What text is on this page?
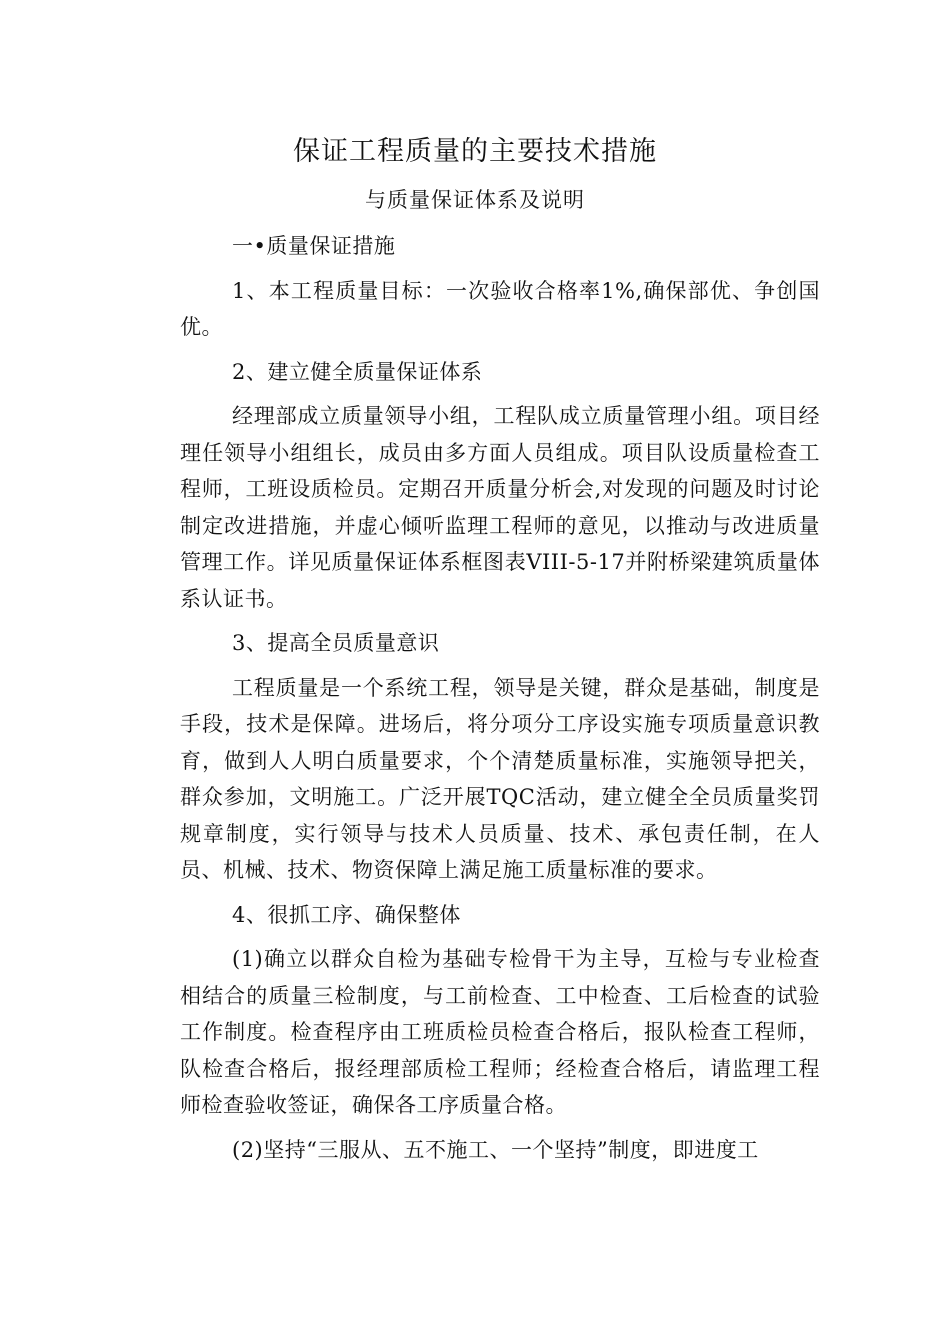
保证工程质量的主要技术措施
与质量保证体系及说明

一•质量保证措施

1、本工程质量目标：一次验收合格率1%,确保部优、争创国优。

2、建立健全质量保证体系

经理部成立质量领导小组，工程队成立质量管理小组。项目经理任领导小组组长，成员由多方面人员组成。项目队设质量检查工程师，工班设质检员。定期召开质量分析会,对发现的问题及时讨论制定改进措施，并虚心倾听监理工程师的意见，以推动与改进质量管理工作。详见质量保证体系框图表VIII-5-17并附桥梁建筑质量体系认证书。

3、提高全员质量意识

工程质量是一个系统工程，领导是关键，群众是基础，制度是手段，技术是保障。进场后，将分项分工序设实施专项质量意识教育，做到人人明白质量要求，个个清楚质量标准，实施领导把关，群众参加，文明施工。广泛开展TQC活动，建立健全全员质量奖罚规章制度，实行领导与技术人员质量、技术、承包责任制，在人员、机械、技术、物资保障上满足施工质量标准的要求。

4、很抓工序、确保整体

(1)确立以群众自检为基础专检骨干为主导，互检与专业检查相结合的质量三检制度，与工前检查、工中检查、工后检查的试验工作制度。检查程序由工班质检员检查合格后，报队检查工程师，队检查合格后，报经理部质检工程师；经检查合格后，请监理工程师检查验收签证，确保各工序质量合格。

(2)坚持“三服从、五不施工、一个坚持”制度，即进度工
